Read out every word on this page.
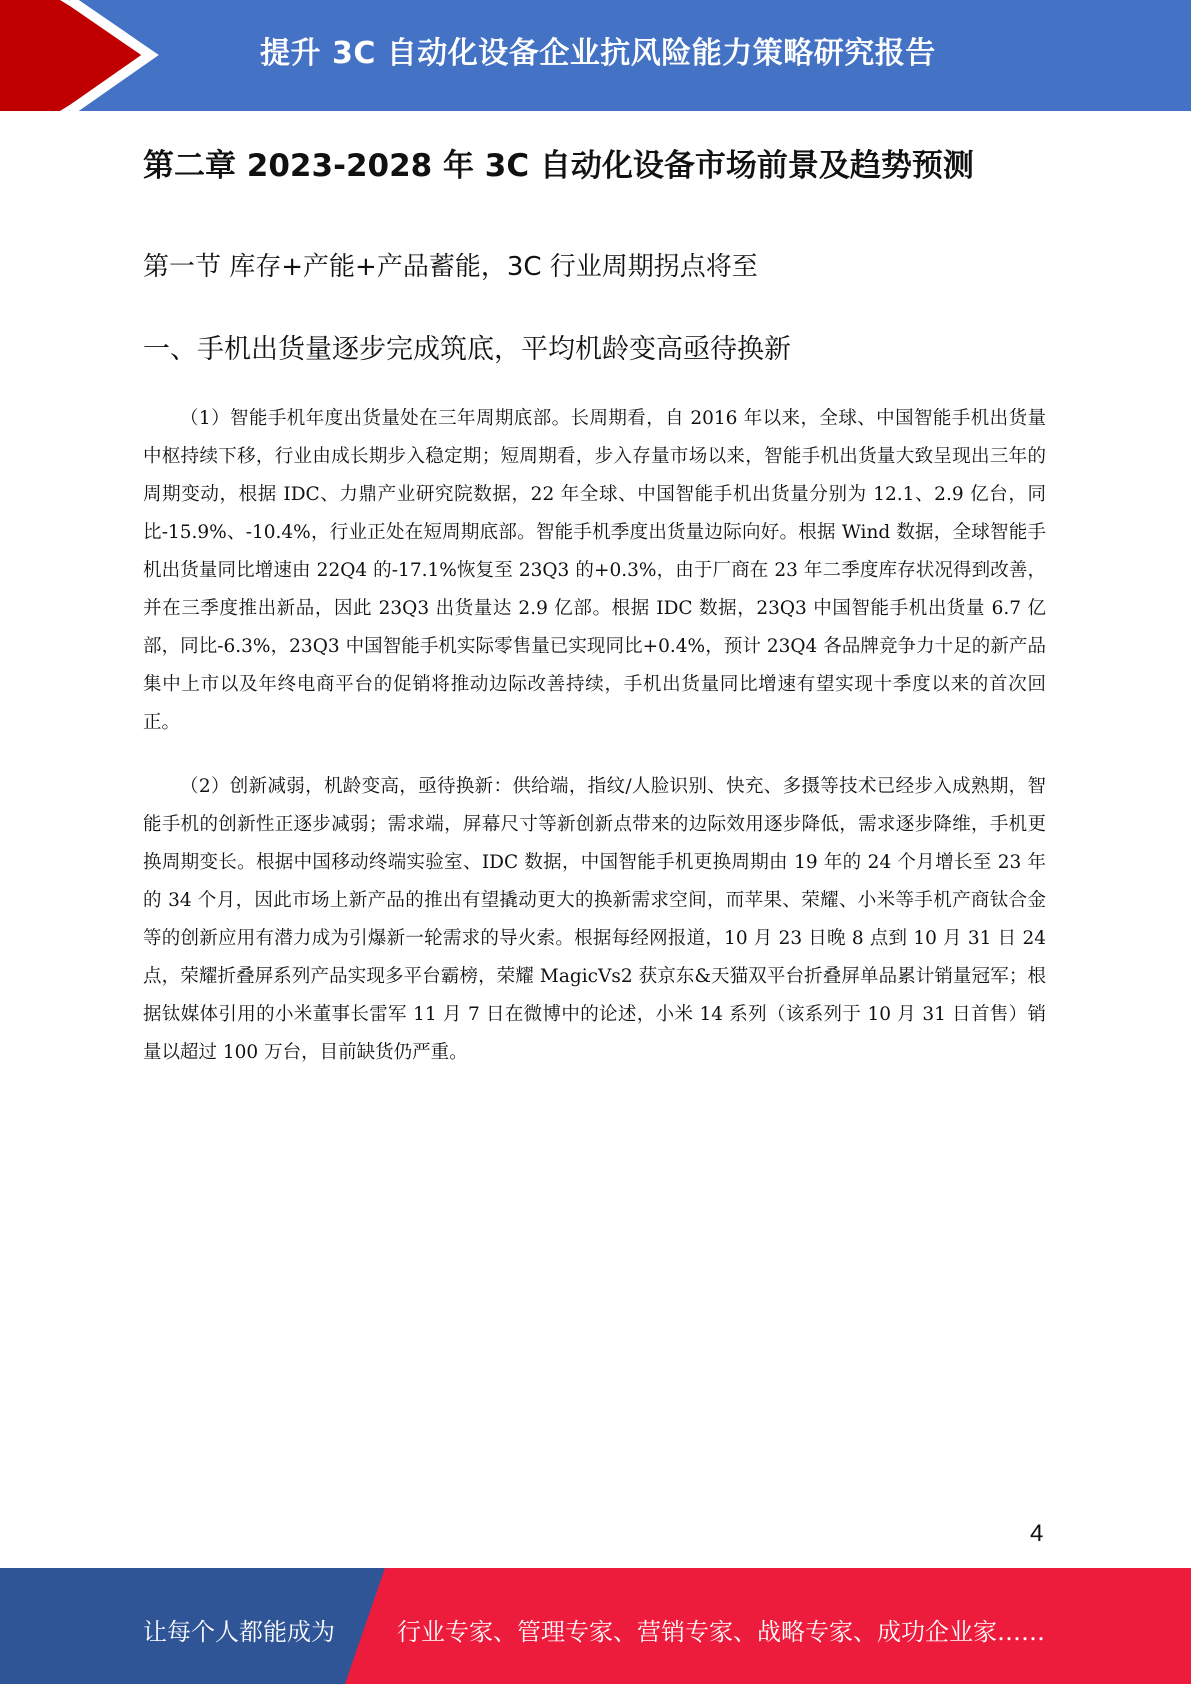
提升 3C 自动化设备企业抗风险能力策略研究报告
第二章 2023-2028 年 3C 自动化设备市场前景及趋势预测
第一节 库存+产能+产品蓄能，3C 行业周期拐点将至
一、手机出货量逐步完成筑底，平均机龄变高亟待换新

（1）智能手机年度出货量处在三年周期底部。长周期看，自 2016 年以来，全球、中国智能手机出货量中枢持续下移，行业由成长期步入稳定期；短周期看，步入存量市场以来，智能手机出货量大致呈现出三年的周期变动，根据 IDC、力鼎产业研究院数据，22 年全球、中国智能手机出货量分别为 12.1、2.9 亿台，同比-15.9%、-10.4%，行业正处在短周期底部。智能手机季度出货量边际向好。根据 Wind 数据，全球智能手机出货量同比增速由 22Q4 的-17.1%恢复至 23Q3 的+0.3%，由于厂商在 23 年二季度库存状况得到改善，并在三季度推出新品，因此 23Q3 出货量达 2.9 亿部。根据 IDC 数据，23Q3 中国智能手机出货量 6.7 亿部，同比-6.3%，23Q3 中国智能手机实际零售量已实现同比+0.4%，预计 23Q4 各品牌竞争力十足的新产品集中上市以及年终电商平台的促销将推动边际改善持续，手机出货量同比增速有望实现十季度以来的首次回正。

（2）创新减弱，机龄变高，亟待换新：供给端，指纹/人脸识别、快充、多摄等技术已经步入成熟期，智能手机的创新性正逐步减弱；需求端，屏幕尺寸等新创新点带来的边际效用逐步降低，需求逐步降维，手机更换周期变长。根据中国移动终端实验室、IDC 数据，中国智能手机更换周期由 19 年的 24 个月增长至 23 年的 34 个月，因此市场上新产品的推出有望撬动更大的换新需求空间，而苹果、荣耀、小米等手机产商钛合金等的创新应用有潜力成为引爆新一轮需求的导火索。根据每经网报道，10 月 23 日晚 8 点到 10 月 31 日 24 点，荣耀折叠屏系列产品实现多平台霸榜，荣耀 MagicVs2 获京东&天猫双平台折叠屏单品累计销量冠军；根据钛媒体引用的小米董事长雷军 11 月 7 日在微博中的论述，小米 14 系列（该系列于 10 月 31 日首售）销量以超过 100 万台，目前缺货仍严重。

4
让每个人都能成为	行业专家、管理专家、营销专家、战略专家、成功企业家……
